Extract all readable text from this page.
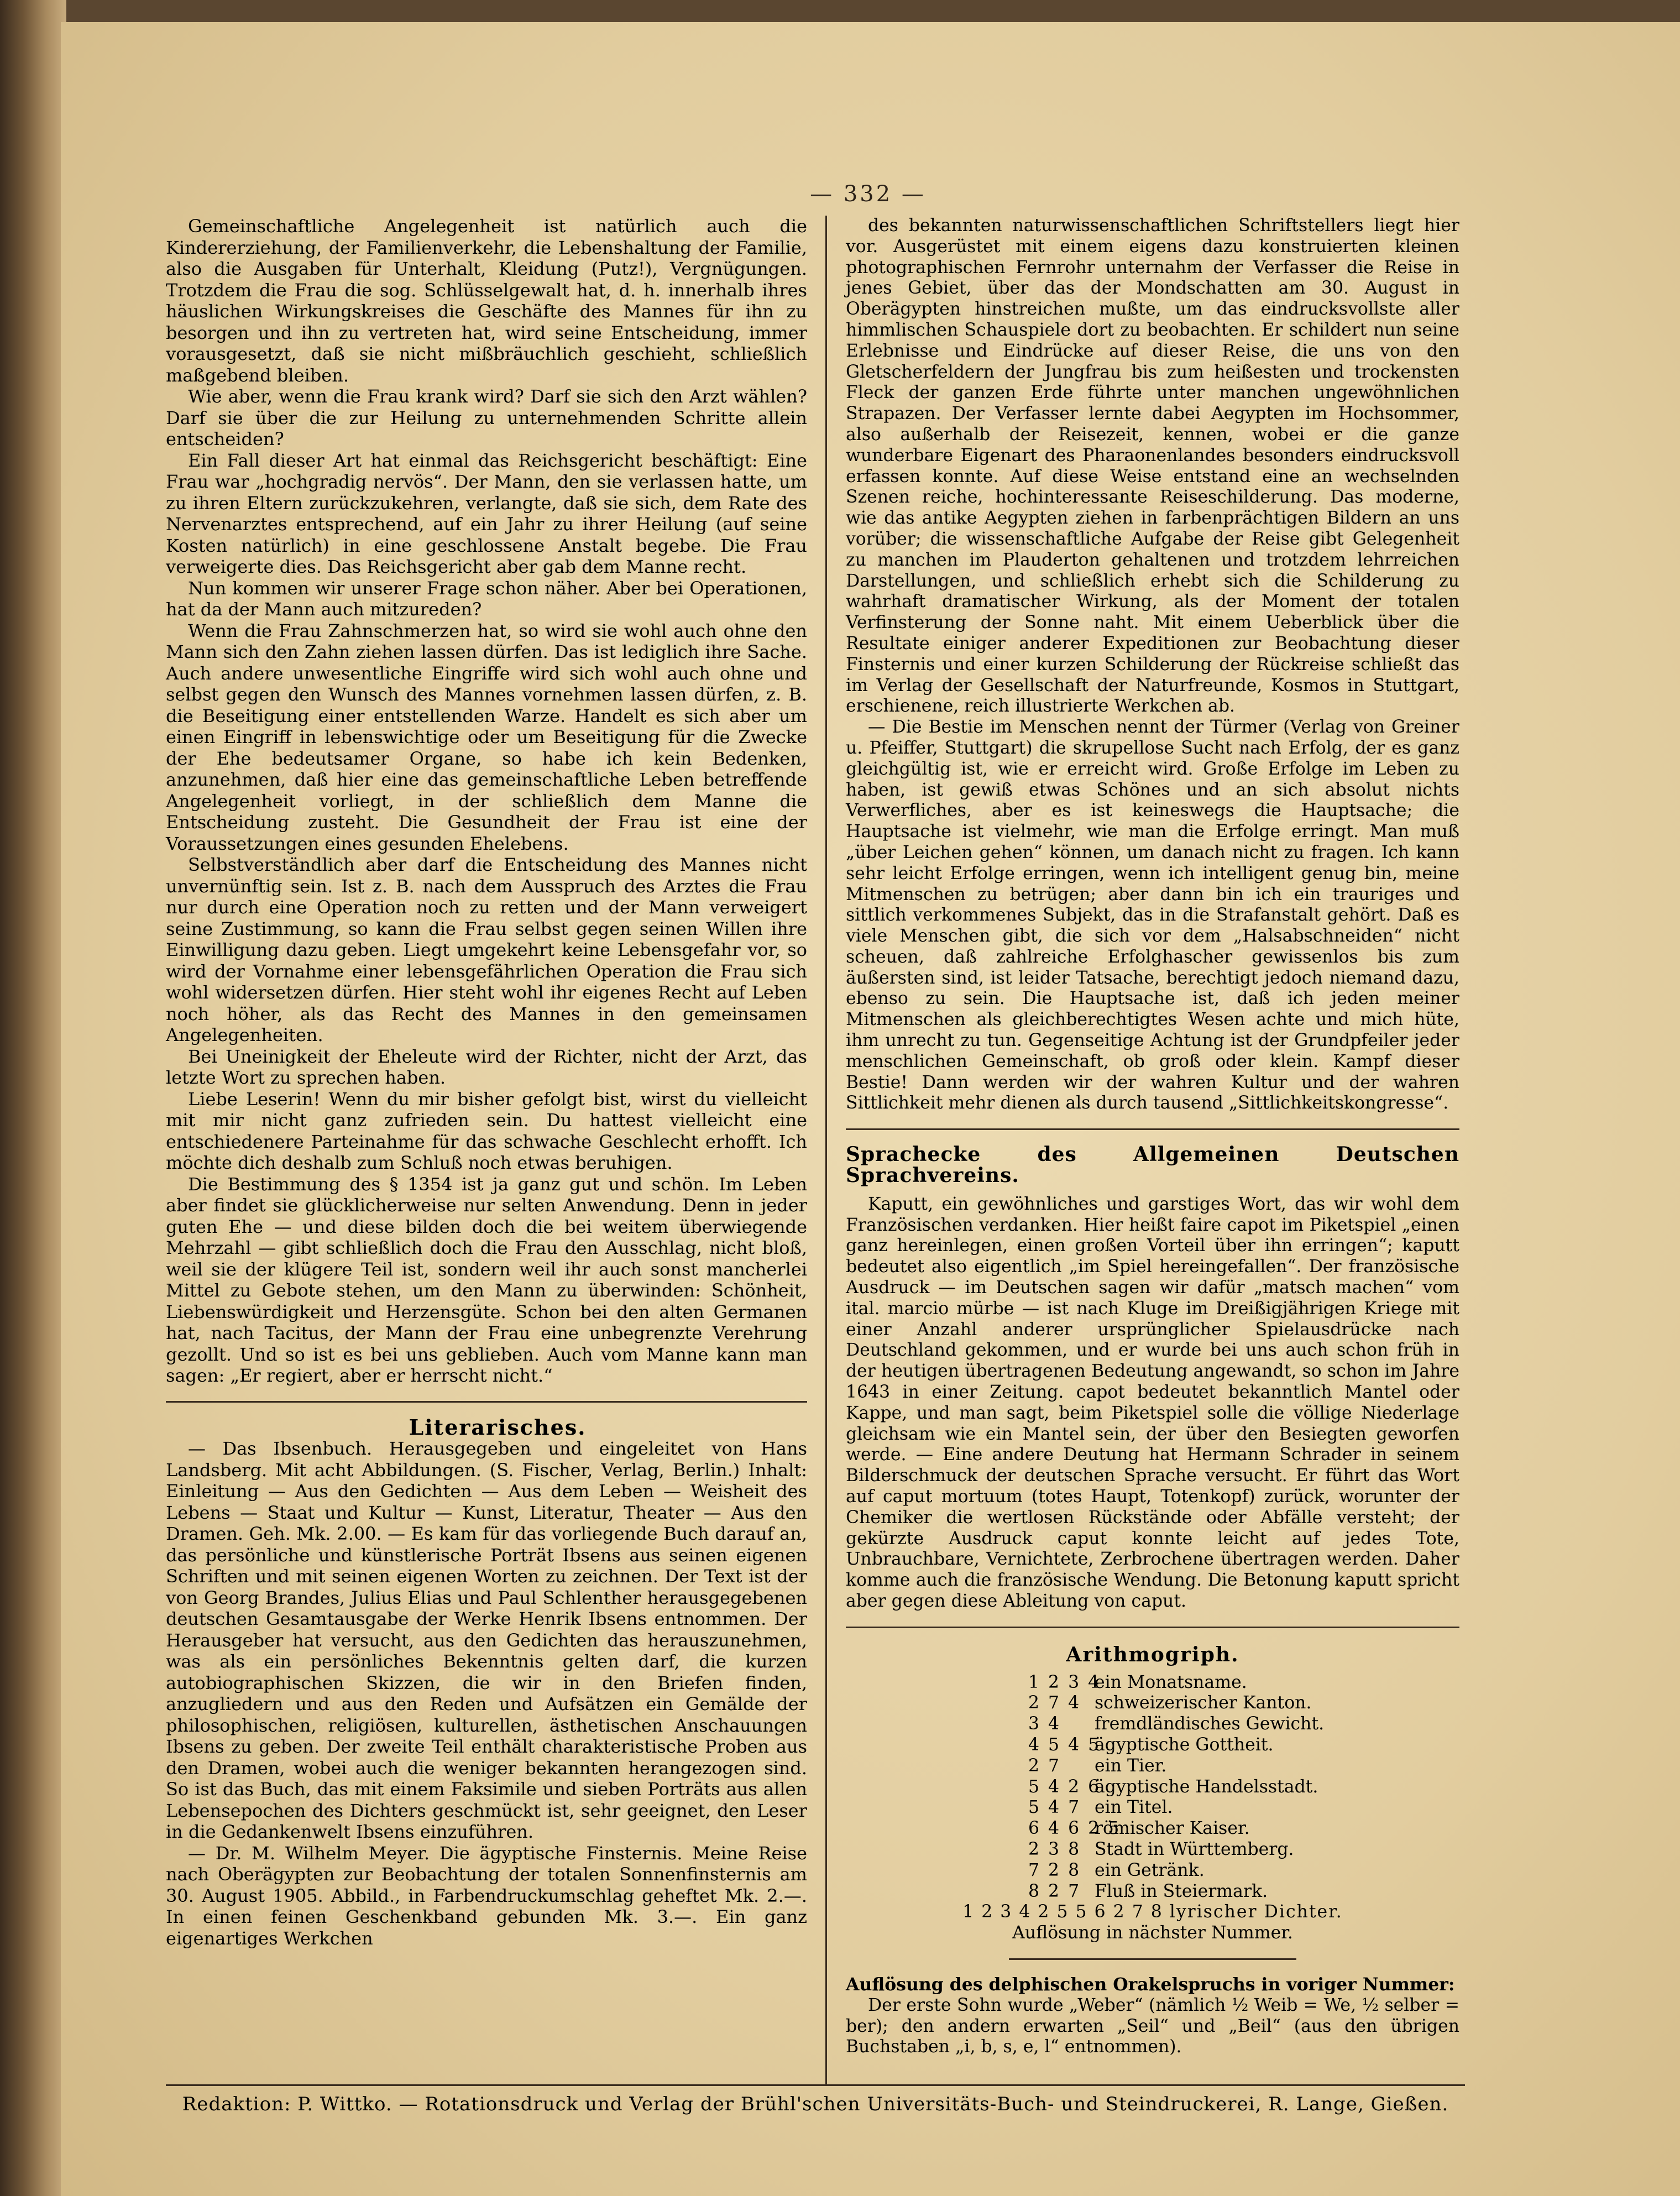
— 332 —

Gemeinschaftliche Angelegenheit ist natürlich auch die Kindererziehung, der Familienverkehr, die Lebenshaltung der Familie, also die Ausgaben für Unterhalt, Kleidung (Putz!), Vergnügungen. Trotzdem die Frau die sog. Schlüsselgewalt hat, d. h. innerhalb ihres häuslichen Wirkungskreises die Geschäfte des Mannes für ihn zu besorgen und ihn zu vertreten hat, wird seine Entscheidung, immer vorausgesetzt, daß sie nicht mißbräuchlich geschieht, schließlich maßgebend bleiben.

Wie aber, wenn die Frau krank wird? Darf sie sich den Arzt wählen? Darf sie über die zur Heilung zu unternehmenden Schritte allein entscheiden?

Ein Fall dieser Art hat einmal das Reichsgericht beschäftigt: Eine Frau war „hochgradig nervös“. Der Mann, den sie verlassen hatte, um zu ihren Eltern zurückzukehren, verlangte, daß sie sich, dem Rate des Nervenarztes entsprechend, auf ein Jahr zu ihrer Heilung (auf seine Kosten natürlich) in eine geschlossene Anstalt begebe. Die Frau verweigerte dies. Das Reichsgericht aber gab dem Manne recht.

Nun kommen wir unserer Frage schon näher. Aber bei Operationen, hat da der Mann auch mitzureden?

Wenn die Frau Zahnschmerzen hat, so wird sie wohl auch ohne den Mann sich den Zahn ziehen lassen dürfen. Das ist lediglich ihre Sache. Auch andere unwesentliche Eingriffe wird sich wohl auch ohne und selbst gegen den Wunsch des Mannes vornehmen lassen dürfen, z. B. die Beseitigung einer entstellenden Warze. Handelt es sich aber um einen Eingriff in lebenswichtige oder um Beseitigung für die Zwecke der Ehe bedeutsamer Organe, so habe ich kein Bedenken, anzunehmen, daß hier eine das gemeinschaftliche Leben betreffende Angelegenheit vorliegt, in der schließlich dem Manne die Entscheidung zusteht. Die Gesundheit der Frau ist eine der Voraussetzungen eines gesunden Ehelebens.

Selbstverständlich aber darf die Entscheidung des Mannes nicht unvernünftig sein. Ist z. B. nach dem Ausspruch des Arztes die Frau nur durch eine Operation noch zu retten und der Mann verweigert seine Zustimmung, so kann die Frau selbst gegen seinen Willen ihre Einwilligung dazu geben. Liegt umgekehrt keine Lebensgefahr vor, so wird der Vornahme einer lebensgefährlichen Operation die Frau sich wohl widersetzen dürfen. Hier steht wohl ihr eigenes Recht auf Leben noch höher, als das Recht des Mannes in den gemeinsamen Angelegenheiten.

Bei Uneinigkeit der Eheleute wird der Richter, nicht der Arzt, das letzte Wort zu sprechen haben.

Liebe Leserin! Wenn du mir bisher gefolgt bist, wirst du vielleicht mit mir nicht ganz zufrieden sein. Du hattest vielleicht eine entschiedenere Parteinahme für das schwache Geschlecht erhofft. Ich möchte dich deshalb zum Schluß noch etwas beruhigen.

Die Bestimmung des § 1354 ist ja ganz gut und schön. Im Leben aber findet sie glücklicherweise nur selten Anwendung. Denn in jeder guten Ehe — und diese bilden doch die bei weitem überwiegende Mehrzahl — gibt schließlich doch die Frau den Ausschlag, nicht bloß, weil sie der klügere Teil ist, sondern weil ihr auch sonst mancherlei Mittel zu Gebote stehen, um den Mann zu überwinden: Schönheit, Liebenswürdigkeit und Herzensgüte. Schon bei den alten Germanen hat, nach Tacitus, der Mann der Frau eine unbegrenzte Verehrung gezollt. Und so ist es bei uns geblieben. Auch vom Manne kann man sagen: „Er regiert, aber er herrscht nicht.“

Literarisches.

— Das Ibsenbuch. Herausgegeben und eingeleitet von Hans Landsberg. Mit acht Abbildungen. (S. Fischer, Verlag, Berlin.) Inhalt: Einleitung — Aus den Gedichten — Aus dem Leben — Weisheit des Lebens — Staat und Kultur — Kunst, Literatur, Theater — Aus den Dramen. Geh. Mk. 2.00. — Es kam für das vorliegende Buch darauf an, das persönliche und künstlerische Porträt Ibsens aus seinen eigenen Schriften und mit seinen eigenen Worten zu zeichnen. Der Text ist der von Georg Brandes, Julius Elias und Paul Schlenther herausgegebenen deutschen Gesamtausgabe der Werke Henrik Ibsens entnommen. Der Herausgeber hat versucht, aus den Gedichten das herauszunehmen, was als ein persönliches Bekenntnis gelten darf, die kurzen autobiographischen Skizzen, die wir in den Briefen finden, anzugliedern und aus den Reden und Aufsätzen ein Gemälde der philosophischen, religiösen, kulturellen, ästhetischen Anschauungen Ibsens zu geben. Der zweite Teil enthält charakteristische Proben aus den Dramen, wobei auch die weniger bekannten herangezogen sind. So ist das Buch, das mit einem Faksimile und sieben Porträts aus allen Lebensepochen des Dichters geschmückt ist, sehr geeignet, den Leser in die Gedankenwelt Ibsens einzuführen.

— Dr. M. Wilhelm Meyer. Die ägyptische Finsternis. Meine Reise nach Oberägypten zur Beobachtung der totalen Sonnenfinsternis am 30. August 1905. Abbild., in Farbendruckumschlag geheftet Mk. 2.—. In einen feinen Geschenkband gebunden Mk. 3.—. Ein ganz eigenartiges Werkchen

des bekannten naturwissenschaftlichen Schriftstellers liegt hier vor. Ausgerüstet mit einem eigens dazu konstruierten kleinen photographischen Fernrohr unternahm der Verfasser die Reise in jenes Gebiet, über das der Mondschatten am 30. August in Oberägypten hinstreichen mußte, um das eindrucksvollste aller himmlischen Schauspiele dort zu beobachten. Er schildert nun seine Erlebnisse und Eindrücke auf dieser Reise, die uns von den Gletscherfeldern der Jungfrau bis zum heißesten und trockensten Fleck der ganzen Erde führte unter manchen ungewöhnlichen Strapazen. Der Verfasser lernte dabei Aegypten im Hochsommer, also außerhalb der Reisezeit, kennen, wobei er die ganze wunderbare Eigenart des Pharaonenlandes besonders eindrucksvoll erfassen konnte. Auf diese Weise entstand eine an wechselnden Szenen reiche, hochinteressante Reiseschilderung. Das moderne, wie das antike Aegypten ziehen in farbenprächtigen Bildern an uns vorüber; die wissenschaftliche Aufgabe der Reise gibt Gelegenheit zu manchen im Plauderton gehaltenen und trotzdem lehrreichen Darstellungen, und schließlich erhebt sich die Schilderung zu wahrhaft dramatischer Wirkung, als der Moment der totalen Verfinsterung der Sonne naht. Mit einem Ueberblick über die Resultate einiger anderer Expeditionen zur Beobachtung dieser Finsternis und einer kurzen Schilderung der Rückreise schließt das im Verlag der Gesellschaft der Naturfreunde, Kosmos in Stuttgart, erschienene, reich illustrierte Werkchen ab.

— Die Bestie im Menschen nennt der Türmer (Verlag von Greiner u. Pfeiffer, Stuttgart) die skrupellose Sucht nach Erfolg, der es ganz gleichgültig ist, wie er erreicht wird. Große Erfolge im Leben zu haben, ist gewiß etwas Schönes und an sich absolut nichts Verwerfliches, aber es ist keineswegs die Hauptsache; die Hauptsache ist vielmehr, wie man die Erfolge erringt. Man muß „über Leichen gehen“ können, um danach nicht zu fragen. Ich kann sehr leicht Erfolge erringen, wenn ich intelligent genug bin, meine Mitmenschen zu betrügen; aber dann bin ich ein trauriges und sittlich verkommenes Subjekt, das in die Strafanstalt gehört. Daß es viele Menschen gibt, die sich vor dem „Halsabschneiden“ nicht scheuen, daß zahlreiche Erfolghascher gewissenlos bis zum äußersten sind, ist leider Tatsache, berechtigt jedoch niemand dazu, ebenso zu sein. Die Hauptsache ist, daß ich jeden meiner Mitmenschen als gleichberechtigtes Wesen achte und mich hüte, ihm unrecht zu tun. Gegenseitige Achtung ist der Grundpfeiler jeder menschlichen Gemeinschaft, ob groß oder klein. Kampf dieser Bestie! Dann werden wir der wahren Kultur und der wahren Sittlichkeit mehr dienen als durch tausend „Sittlichkeitskongresse“.

Sprachecke des Allgemeinen Deutschen Sprachvereins.

Kaputt, ein gewöhnliches und garstiges Wort, das wir wohl dem Französischen verdanken. Hier heißt faire capot im Piketspiel „einen ganz hereinlegen, einen großen Vorteil über ihn erringen“; kaputt bedeutet also eigentlich „im Spiel hereingefallen“. Der französische Ausdruck — im Deutschen sagen wir dafür „matsch machen“ vom ital. marcio mürbe — ist nach Kluge im Dreißigjährigen Kriege mit einer Anzahl anderer ursprünglicher Spielausdrücke nach Deutschland gekommen, und er wurde bei uns auch schon früh in der heutigen übertragenen Bedeutung angewandt, so schon im Jahre 1643 in einer Zeitung. capot bedeutet bekanntlich Mantel oder Kappe, und man sagt, beim Piketspiel solle die völlige Niederlage gleichsam wie ein Mantel sein, der über den Besiegten geworfen werde. — Eine andere Deutung hat Hermann Schrader in seinem Bilderschmuck der deutschen Sprache versucht. Er führt das Wort auf caput mortuum (totes Haupt, Totenkopf) zurück, worunter der Chemiker die wertlosen Rückstände oder Abfälle versteht; der gekürzte Ausdruck caput konnte leicht auf jedes Tote, Unbrauchbare, Vernichtete, Zerbrochene übertragen werden. Daher komme auch die französische Wendung. Die Betonung kaputt spricht aber gegen diese Ableitung von caput.

Arithmogriph.

1 2 3 4
ein Monatsname.
2 7 4 schweizerischer Kanton.
3 4	fremdländisches Gewicht.
4 5 4 5
ägyptische Gottheit.
2 7	ein Tier.
5 4 2 6
ägyptische Handelsstadt.
5 4 7 ein Titel.
6 4 6 2 5
römischer Kaiser.
2 3 8 Stadt in Württemberg.
7 2 8 ein Getränk.
8 2 7 Fluß in Steiermark.

1 2 3 4 2 5 5 6 2 7 8 lyrischer Dichter.

Auflösung in nächster Nummer.

Auflösung des delphischen Orakelspruchs in voriger Nummer:

Der erste Sohn wurde „Weber“ (nämlich ½ Weib = We, ½ selber = ber); den andern erwarten „Seil“ und „Beil“ (aus den übrigen Buchstaben „i, b, s, e, l“ entnommen).

Redaktion: P. Wittko. — Rotationsdruck und Verlag der Brühl'schen Universitäts-Buch- und Steindruckerei, R. Lange, Gießen.
